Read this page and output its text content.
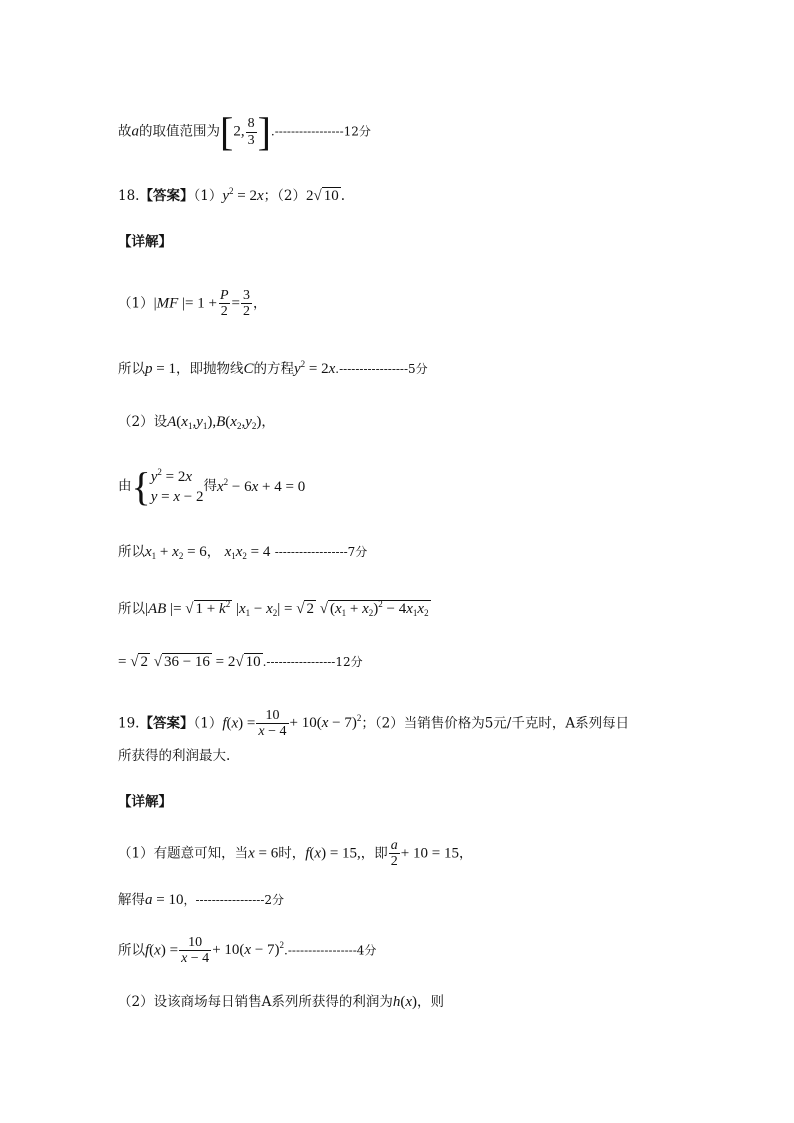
故a的取值范围为[2, $\frac{8}{3} ].-----------------12$分
18.【答案】$(1)y^2 = 2x$；（2）2√ 10 .
【详解】
（1）|MF |= $1 + \frac{P}{2} = \frac{3}{2}$ ，
所以p = 1，即抛物线C的方程$y^2 = 2x.-----------------5$分
（2）设$A(x_1,y_1),B(x_2,y_2)$，
由{ $y^2 = 2x$
y = x − 2
得$x^2 - 6x + 4 = 0$
所以$x_1 + x_2 = 6$， $x_1x_2 = 4$ ------------------7分
所以|AB |= √ $1 + k^2$ $|x_1 - x_2|$ = √ 2 √ $(x_1 + x_2)^2 - 4x_1x_2$
= √ 2 √ 36 − 16 = 2√ 10 .-----------------12分
19.【答案】$(1)f(x) = \frac{10}{x - 4} + 10(x - 7)^2$；（2）当销售价格为5元/千克时，A系列每日
所获得的利润最大.
【详解】
（1）有题意可知，当x = 6时，f(x) = 15,，即 $\frac{a}{2} + 10 = 15$，
解得a = 10，-----------------2分
所以$f(x) = \frac{10}{x - 4} + 10(x - 7)^2.-----------------4$分
（2）设该商场每日销售A系列所获得的利润为h(x)，则
